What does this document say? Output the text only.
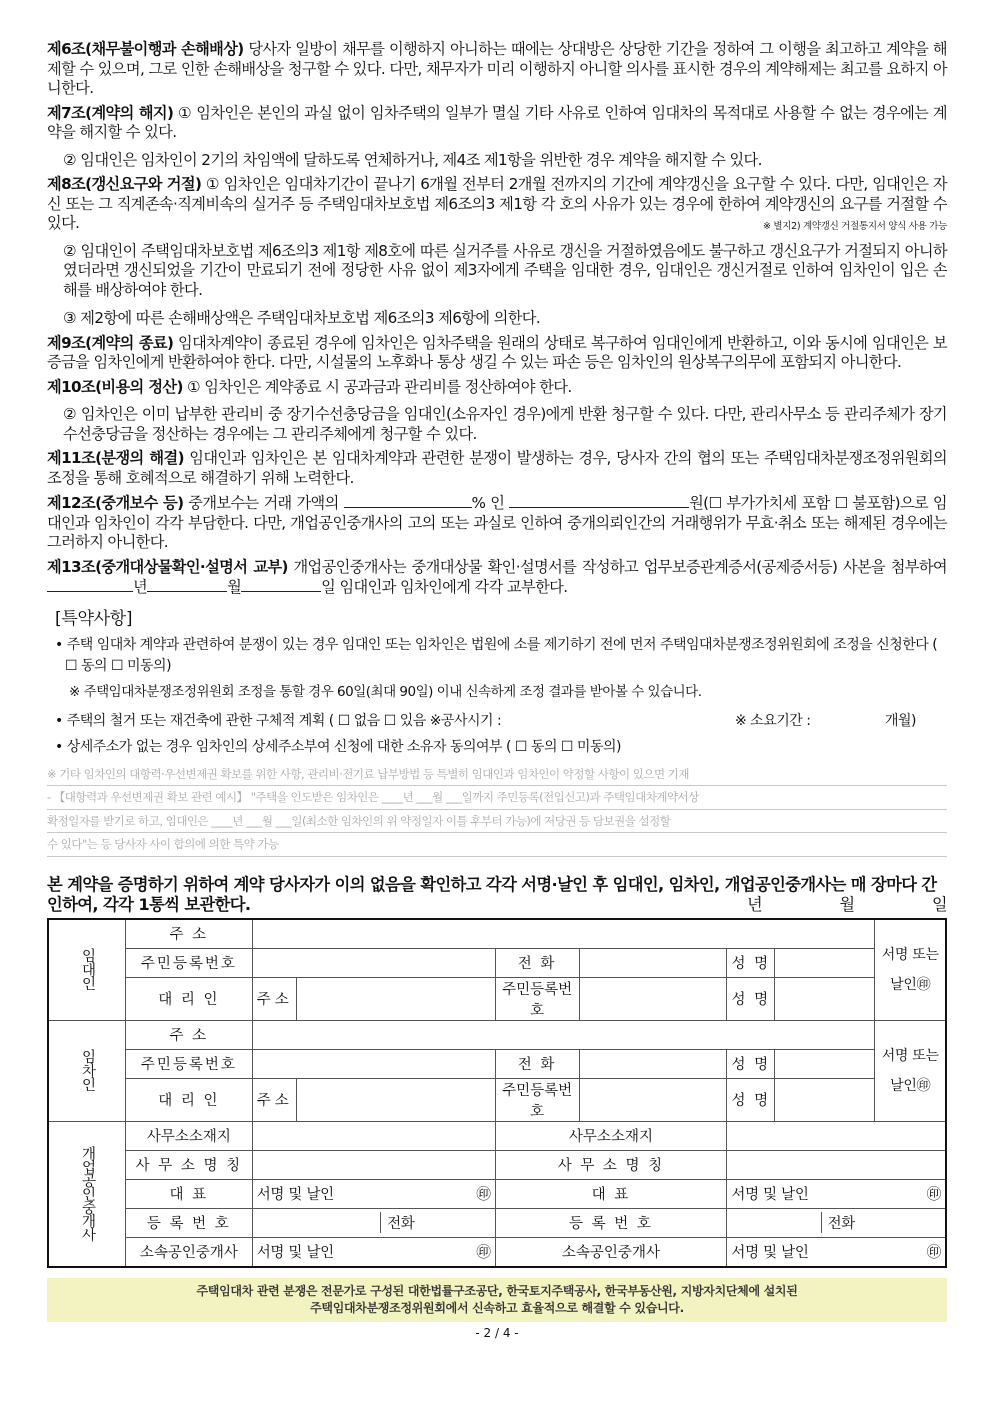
제6조(채무불이행과 손해배상) 당사자 일방이 채무를 이행하지 아니하는 때에는 상대방은 상당한 기간을 정하여 그 이행을 최고하고 계약을 해제할 수 있으며, 그로 인한 손해배상을 청구할 수 있다. 다만, 채무자가 미리 이행하지 아니할 의사를 표시한 경우의 계약해제는 최고를 요하지 아니한다.

제7조(계약의 해지) ① 임차인은 본인의 과실 없이 임차주택의 일부가 멸실 기타 사유로 인하여 임대차의 목적대로 사용할 수 없는 경우에는 계약을 해지할 수 있다.

② 임대인은 임차인이 2기의 차임액에 달하도록 연체하거나, 제4조 제1항을 위반한 경우 계약을 해지할 수 있다.

제8조(갱신요구와 거절) ① 임차인은 임대차기간이 끝나기 6개월 전부터 2개월 전까지의 기간에 계약갱신을 요구할 수 있다. 다만, 임대인은 자신 또는 그 직계존속·직계비속의 실거주 등 주택임대차보호법 제6조의3 제1항 각 호의 사유가 있는 경우에 한하여 계약갱신의 요구를 거절할 수 있다.	※ 별지2) 계약갱신 거절통지서 양식 사용 가능

② 임대인이 주택임대차보호법 제6조의3 제1항 제8호에 따른 실거주를 사유로 갱신을 거절하였음에도 불구하고 갱신요구가 거절되지 아니하였더라면 갱신되었을 기간이 만료되기 전에 정당한 사유 없이 제3자에게 주택을 임대한 경우, 임대인은 갱신거절로 인하여 임차인이 입은 손해를 배상하여야 한다.

③ 제2항에 따른 손해배상액은 주택임대차보호법 제6조의3 제6항에 의한다.

제9조(계약의 종료) 임대차계약이 종료된 경우에 임차인은 임차주택을 원래의 상태로 복구하여 임대인에게 반환하고, 이와 동시에 임대인은 보증금을 임차인에게 반환하여야 한다. 다만, 시설물의 노후화나 통상 생길 수 있는 파손 등은 임차인의 원상복구의무에 포함되지 아니한다.

제10조(비용의 정산) ① 임차인은 계약종료 시 공과금과 관리비를 정산하여야 한다.

② 임차인은 이미 납부한 관리비 중 장기수선충당금을 임대인(소유자인 경우)에게 반환 청구할 수 있다. 다만, 관리사무소 등 관리주체가 장기수선충당금을 정산하는 경우에는 그 관리주체에게 청구할 수 있다.

제11조(분쟁의 해결) 임대인과 임차인은 본 임대차계약과 관련한 분쟁이 발생하는 경우, 당사자 간의 협의 또는 주택임대차분쟁조정위원회의 조정을 통해 호혜적으로 해결하기 위해 노력한다.
제12조(중개보수 등) 중개보수는 거래 가액의	% 인	원(☐ 부가가치세 포함 ☐ 불포함)으로 임대인과 임차인이 각각 부담한다. 다만, 개업공인중개사의 고의 또는 과실로 인하여 중개의뢰인간의 거래행위가 무효·취소 또는 해제된 경우에는 그러하지 아니한다.
제13조(중개대상물확인·설명서 교부) 개업공인중개사는 중개대상물 확인·설명서를 작성하고 업무보증관계증서(공제증서등) 사본을 첨부하여 년	월	일 임대인과 임차인에게 각각 교부한다.
[특약사항]

• 주택 임대차 계약과 관련하여 분쟁이 있는 경우 임대인 또는 임차인은 법원에 소를 제기하기 전에 먼저 주택임대차분쟁조정위원회에 조정을 신청한다 ( ☐ 동의 ☐ 미동의)

※ 주택임대차분쟁조정위원회 조정을 통할 경우 60일(최대 90일) 이내 신속하게 조정 결과를 받아볼 수 있습니다.

• 주택의 철거 또는 재건축에 관한 구체적 계획 ( ☐ 없음 ☐ 있음 ※공사시기 :	※ 소요기간 :	개월)

• 상세주소가 없는 경우 임차인의 상세주소부여 신청에 대한 소유자 동의여부 ( ☐ 동의 ☐ 미동의)

※ 기타 임차인의 대항력·우선변제권 확보를 위한 사항, 관리비·전기료 납부방법 등 특별히 임대인과 임차인이 약정할 사항이 있으면 기재
- 【대항력과 우선변제권 확보 관련 예시】 "주택을 인도받은 임차인은 ____년 ___월 ___일까지 주민등록(전입신고)과 주택임대차계약서상
확정일자를 받기로 하고, 임대인은 ____년 ___월 ___일(최소한 임차인의 위 약정일자 이틀 후부터 가능)에 저당권 등 담보권을 설정할
수 있다"는 등 당사자 사이 합의에 의한 특약 가능
본 계약을 증명하기 위하여 계약 당사자가 이의 없음을 확인하고 각각 서명·날인 후 임대인, 임차인, 개업공인중개사는 매 장마다 간인하여, 각각 1통씩 보관한다.	년	월	일
임대인	주 소							서명 또는
날인㊞
	주민등록번호			전 화		성 명		
	대 리 인	주 소		주민등록번호		성 명		
임차인	주 소							서명 또는
날인㊞
	주민등록번호			전 화		성 명		
	대 리 인	주 소		주민등록번호		성 명		
개업공인중개사	사무소소재지			사무소소재지				
	사 무 소 명 칭			사 무 소 명 칭				
	대 표	서명 및 날인 ㊞		대 표		서명 및 날인 ㊞		

	등 록 번 호	전화		등 록 번 호		전화		

	소속공인중개사	서명 및 날인 ㊞		소속공인중개사		서명 및 날인 ㊞		
주택임대차 관련 분쟁은 전문가로 구성된 대한법률구조공단, 한국토지주택공사, 한국부동산원, 지방자치단체에 설치된
주택임대차분쟁조정위원회에서 신속하고 효율적으로 해결할 수 있습니다.
- 2 / 4 -
